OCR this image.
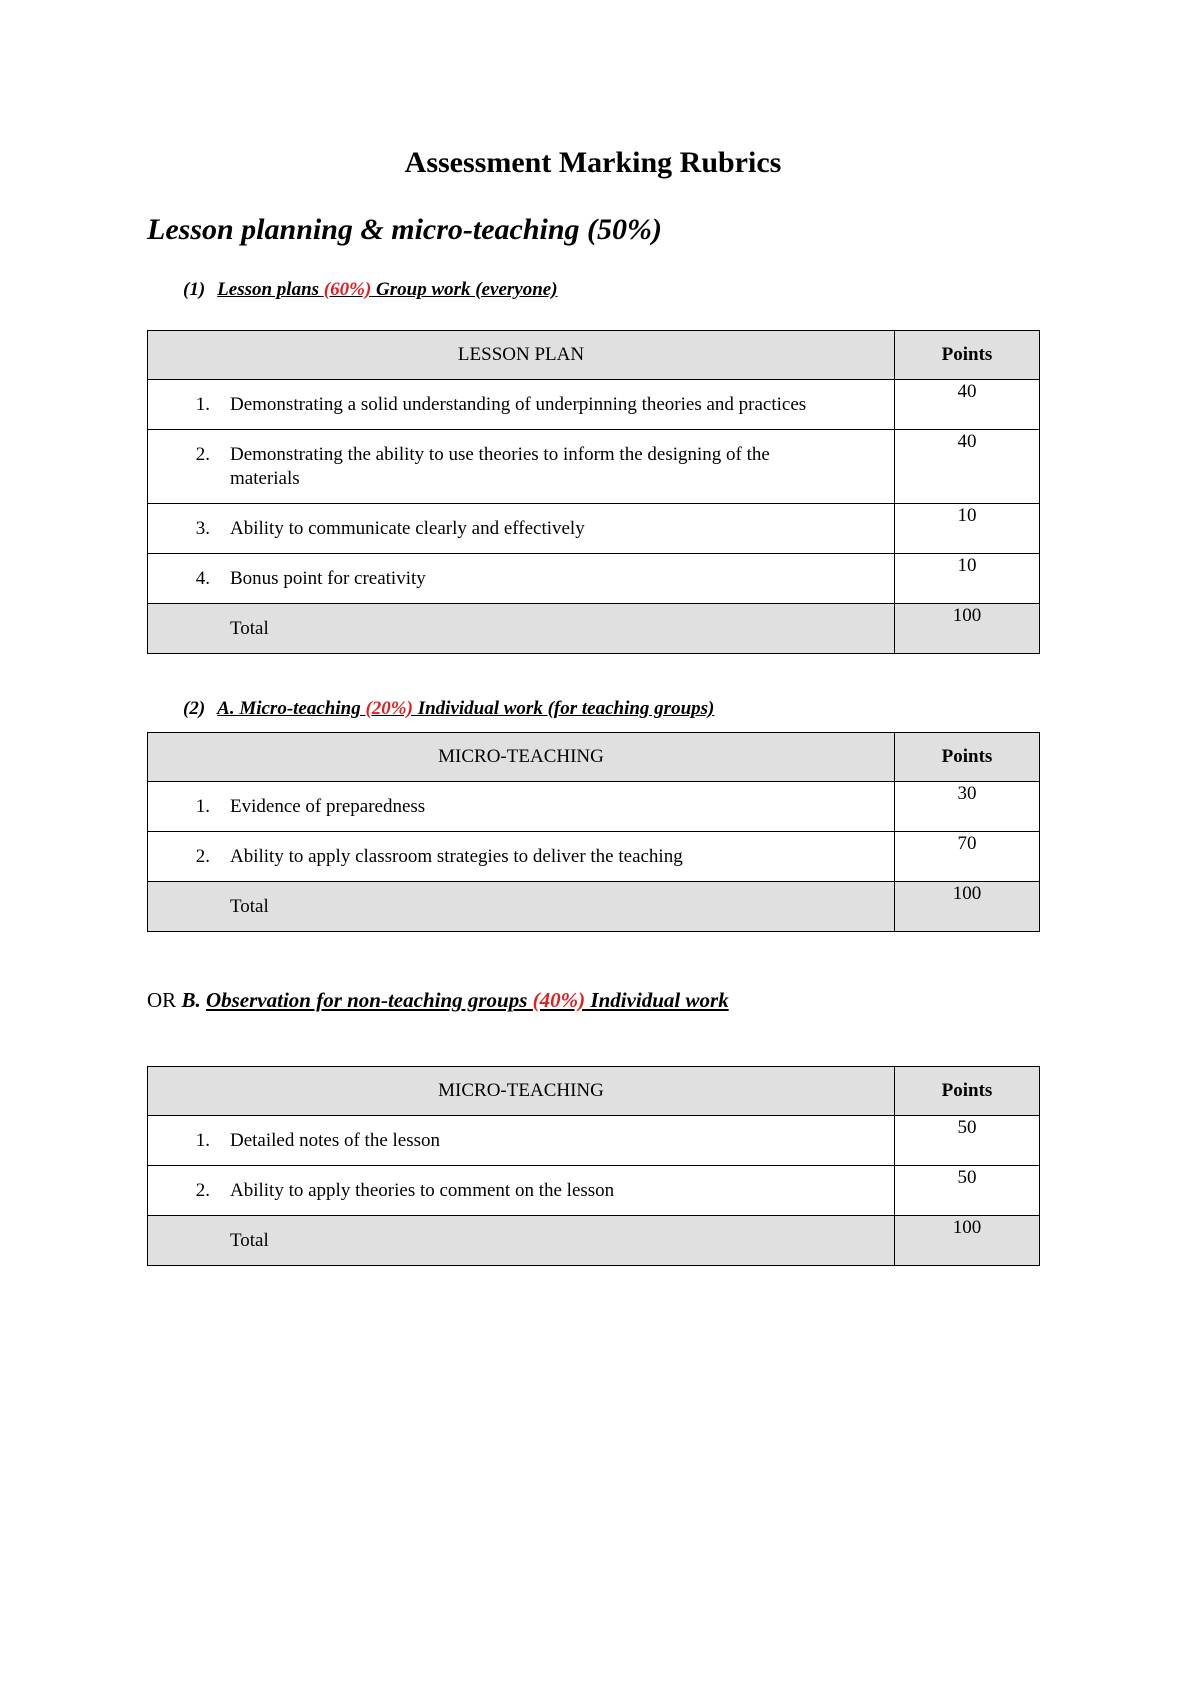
Assessment Marking Rubrics
Lesson planning & micro-teaching (50%)
(1) Lesson plans (60%) Group work (everyone)
LESSON PLAN	Points

1. Demonstrating a solid understanding of underpinning theories and practices	40

2. Demonstrating the ability to use theories to inform the designing of the materials	40

3. Ability to communicate clearly and effectively	10

4. Bonus point for creativity	10

Total	100
(2) A. Micro-teaching (20%) Individual work (for teaching groups)
MICRO-TEACHING	Points

1. Evidence of preparedness	30

2. Ability to apply classroom strategies to deliver the teaching	70

Total	100
OR B. Observation for non-teaching groups (40%) Individual work
MICRO-TEACHING	Points

1. Detailed notes of the lesson	50

2. Ability to apply theories to comment on the lesson	50

Total	100
